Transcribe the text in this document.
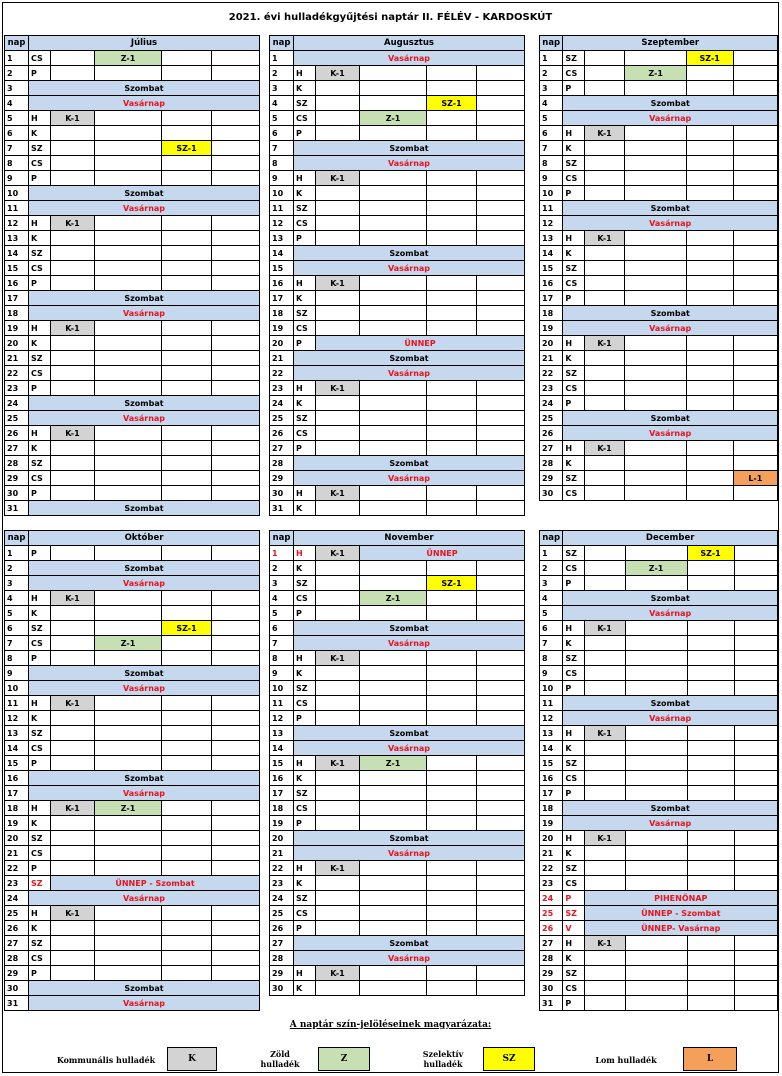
2021. évi hulladékgyűjtési naptár II. FÉLÉV - KARDOSKÚT
nap	Július				
1	CS		Z-1		
2	P				
3	Szombat				
4	Vasárnap				
5	H	K-1			
6	K				
7	SZ			SZ-1	
8	CS				
9	P				
10	Szombat				
11	Vasárnap				
12	H	K-1			
13	K				
14	SZ				
15	CS				
16	P				
17	Szombat				
18	Vasárnap				
19	H	K-1			
20	K				
21	SZ				
22	CS				
23	P				
24	Szombat				
25	Vasárnap				
26	H	K-1			
27	K				
28	SZ				
29	CS				
30	P				
31	Szombat				
nap	Augusztus				
1	Vasárnap				
2	H	K-1			
3	K				
4	SZ			SZ-1	
5	CS		Z-1		
6	P				
7	Szombat				
8	Vasárnap				
9	H	K-1			
10	K				
11	SZ				
12	CS				
13	P				
14	Szombat				
15	Vasárnap				
16	H	K-1			
17	K				
18	SZ				
19	CS				
20	P	ÜNNEP			
21	Szombat				
22	Vasárnap				
23	H	K-1			
24	K				
25	SZ				
26	CS				
27	P				
28	Szombat				
29	Vasárnap				
30	H	K-1			
31	K				
nap	Szeptember				
1	SZ			SZ-1	
2	CS		Z-1		
3	P				
4	Szombat				
5	Vasárnap				
6	H	K-1			
7	K				
8	SZ				
9	CS				
10	P				
11	Szombat				
12	Vasárnap				
13	H	K-1			
14	K				
15	SZ				
16	CS				
17	P				
18	Szombat				
19	Vasárnap				
20	H	K-1			
21	K				
22	SZ				
23	CS				
24	P				
25	Szombat				
26	Vasárnap				
27	H	K-1			
28	K				
29	SZ				L-1
30	CS				
nap	Október				
1	P				
2	Szombat				
3	Vasárnap				
4	H	K-1			
5	K				
6	SZ			SZ-1	
7	CS		Z-1		
8	P				
9	Szombat				
10	Vasárnap				
11	H	K-1			
12	K				
13	SZ				
14	CS				
15	P				
16	Szombat				
17	Vasárnap				
18	H	K-1	Z-1		
19	K				
20	SZ				
21	CS				
22	P				
23	SZ	ÜNNEP - Szombat			
24	Vasárnap				
25	H	K-1			
26	K				
27	SZ				
28	CS				
29	P				
30	Szombat				
31	Vasárnap				
nap	November				
1	H	K-1	ÜNNEP		
2	K				
3	SZ			SZ-1	
4	CS		Z-1		
5	P				
6	Szombat				
7	Vasárnap				
8	H	K-1			
9	K				
10	SZ				
11	CS				
12	P				
13	Szombat				
14	Vasárnap				
15	H	K-1	Z-1		
16	K				
17	SZ				
18	CS				
19	P				
20	Szombat				
21	Vasárnap				
22	H	K-1			
23	K				
24	SZ				
25	CS				
26	P				
27	Szombat				
28	Vasárnap				
29	H	K-1			
30	K				
nap	December				
1	SZ			SZ-1	
2	CS		Z-1		
3	P				
4	Szombat				
5	Vasárnap				
6	H	K-1			
7	K				
8	SZ				
9	CS				
10	P				
11	Szombat				
12	Vasárnap				
13	H	K-1			
14	K				
15	SZ				
16	CS				
17	P				
18	Szombat				
19	Vasárnap				
20	H	K-1			
21	K				
22	SZ				
23	CS				
24	P	PIHENŐNAP			
25	SZ	ÜNNEP - Szombat			
26	V	ÜNNEP- Vasárnap			
27	H	K-1			
28	K				
29	SZ				
30	CS				
31	P				
A naptár szín-jelöléseinek magyarázata:
Kommunális hulladék	K	Zöld hulladék	Z	Szelektív hulladék	SZ	Lom hulladék	L
